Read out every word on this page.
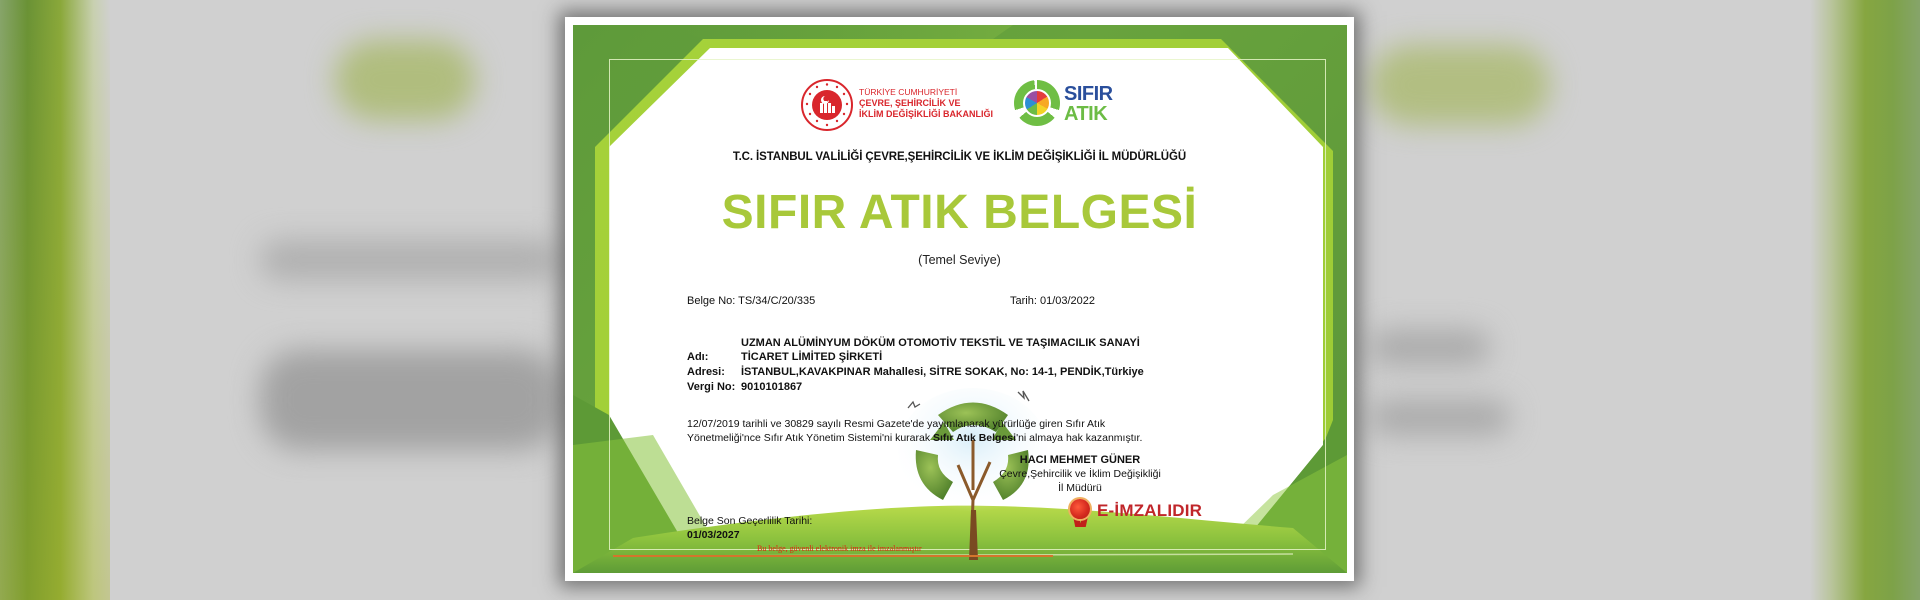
TÜRKİYE CUMHURİYETİ
ÇEVRE, ŞEHİRCİLİK VE
İKLİM DEĞİŞİKLİĞİ BAKANLIĞI
SIFIR
ATIK
T.C. İSTANBUL VALİLİĞİ ÇEVRE,ŞEHİRCİLİK VE İKLİM DEĞİŞİKLİĞİ İL MÜDÜRLÜĞÜ
SIFIR ATIK BELGESİ
(Temel Seviye)
Belge No: TS/34/C/20/335	Tarih: 01/03/2022
UZMAN ALÜMİNYUM DÖKÜM OTOMOTİV TEKSTİL VE TAŞIMACILIK SANAYİ
Adı:	TİCARET LİMİTED ŞİRKETİ
Adresi: İSTANBUL,KAVAKPINAR Mahallesi, SİTRE SOKAK, No: 14-1, PENDİK,Türkiye
Vergi No: 9010101867
12/07/2019 tarihli ve 30829 sayılı Resmi Gazete'de yayımlanarak yürürlüğe giren Sıfır Atık
Yönetmeliği'nce Sıfır Atık Yönetim Sistemi'ni kurarak Sıfır Atık Belgesi'ni almaya hak kazanmıştır.
HACI MEHMET GÜNER
Çevre,Şehircilik ve İklim Değişikliği
İl Müdürü
E-İMZALIDIR
Belge Son Geçerlilik Tarihi:
01/03/2027
Bu belge, güvenli elektronik imza ile imzalanmıştır
